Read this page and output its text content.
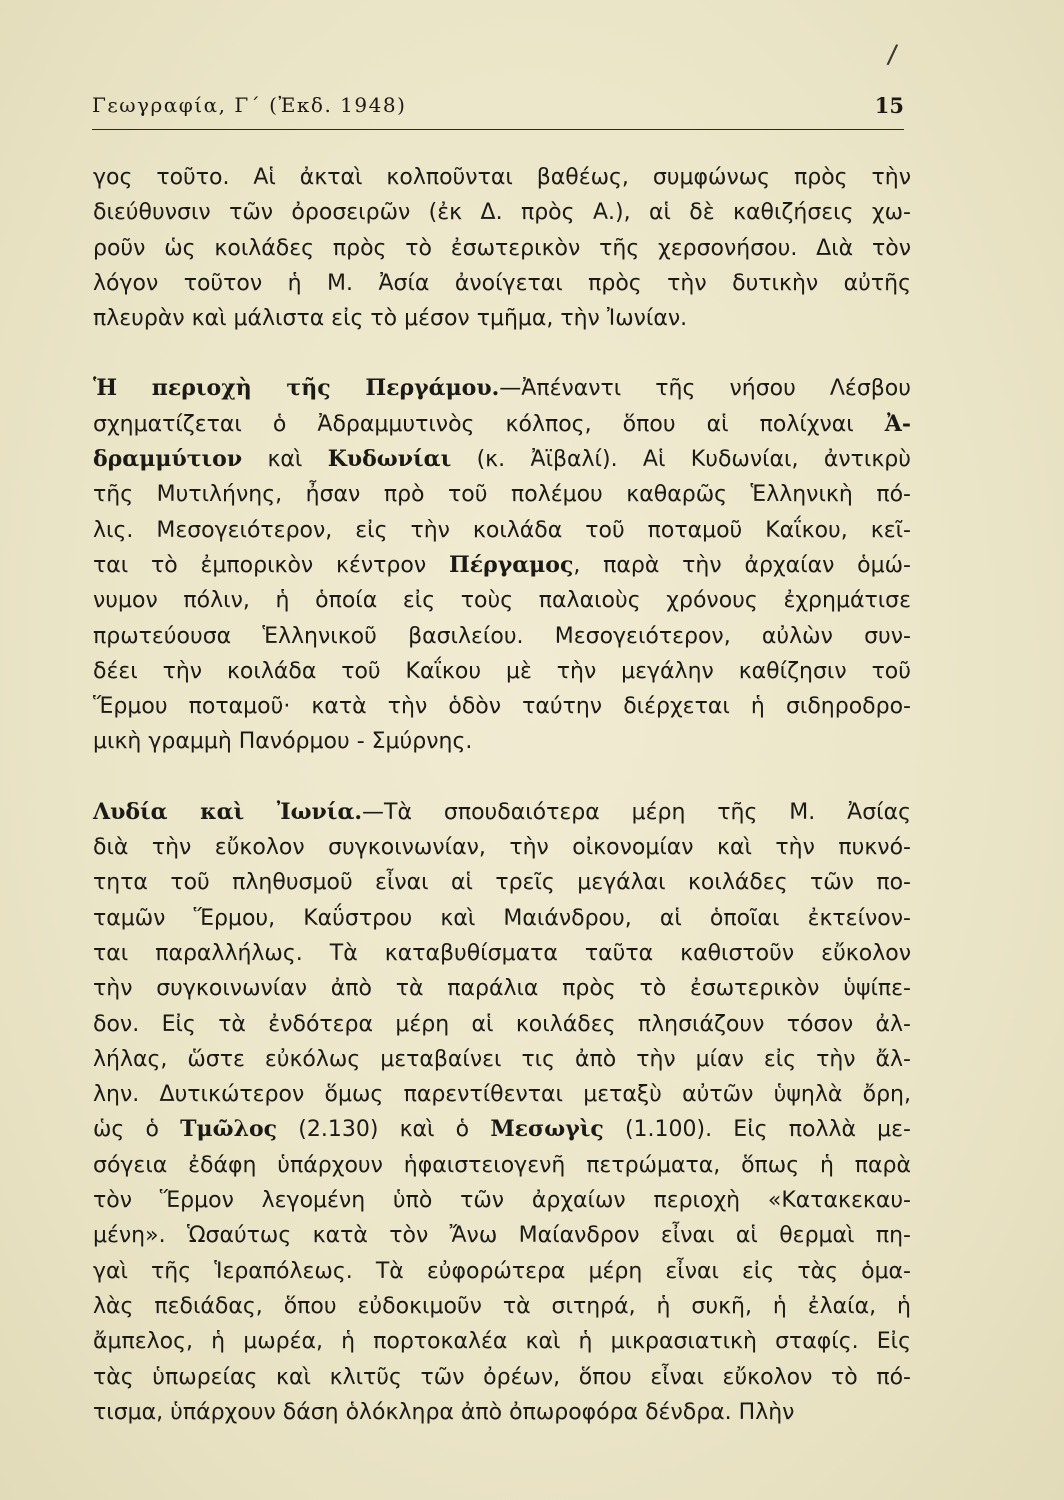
/
Γεωγραφία, Γ΄ (Ἐκδ. 1948)	15
γος τοῦτο. Αἱ ἀκταὶ κολποῦνται βαθέως, συμφώνως πρὸς τὴν
διεύθυνσιν τῶν ὀροσειρῶν (ἐκ Δ. πρὸς Α.), αἱ δὲ καθιζήσεις χω-
ροῦν ὡς κοιλάδες πρὸς τὸ ἐσωτερικὸν τῆς χερσονήσου. Διὰ τὸν
λόγον τοῦτον ἡ Μ. Ἀσία ἀνοίγεται πρὸς τὴν δυτικὴν αὐτῆς
πλευρὰν καὶ μάλιστα εἰς τὸ μέσον τμῆμα, τὴν Ἰωνίαν.
Ἡ περιοχὴ τῆς Περγάμου.—Ἀπέναντι τῆς νήσου Λέσβου
σχηματίζεται ὁ Ἀδραμμυτινὸς κόλπος, ὅπου αἱ πολίχναι Ἀ-
δραμμύτιον καὶ Κυδωνίαι (κ. Ἀϊβαλί). Αἱ Κυδωνίαι, ἀντικρὺ
τῆς Μυτιλήνης, ἦσαν πρὸ τοῦ πολέμου καθαρῶς Ἑλληνικὴ πό-
λις. Μεσογειότερον, εἰς τὴν κοιλάδα τοῦ ποταμοῦ Καΐκου, κεῖ-
ται τὸ ἐμπορικὸν κέντρον Πέργαμος, παρὰ τὴν ἀρχαίαν ὁμώ-
νυμον πόλιν, ἡ ὁποία εἰς τοὺς παλαιοὺς χρόνους ἐχρημάτισε
πρωτεύουσα Ἑλληνικοῦ βασιλείου. Μεσογειότερον, αὐλὼν συν-
δέει τὴν κοιλάδα τοῦ Καΐκου μὲ τὴν μεγάλην καθίζησιν τοῦ
Ἕρμου ποταμοῦ· κατὰ τὴν ὁδὸν ταύτην διέρχεται ἡ σιδηροδρο-
μικὴ γραμμὴ Πανόρμου - Σμύρνης.
Λυδία καὶ Ἰωνία.—Τὰ σπουδαιότερα μέρη τῆς Μ. Ἀσίας
διὰ τὴν εὔκολον συγκοινωνίαν, τὴν οἰκονομίαν καὶ τὴν πυκνό-
τητα τοῦ πληθυσμοῦ εἶναι αἱ τρεῖς μεγάλαι κοιλάδες τῶν πο-
ταμῶν Ἕρμου, Καΰστρου καὶ Μαιάνδρου, αἱ ὁποῖαι ἐκτείνον-
ται παραλλήλως. Τὰ καταβυθίσματα ταῦτα καθιστοῦν εὔκολον
τὴν συγκοινωνίαν ἀπὸ τὰ παράλια πρὸς τὸ ἐσωτερικὸν ὑψίπε-
δον. Εἰς τὰ ἐνδότερα μέρη αἱ κοιλάδες πλησιάζουν τόσον ἀλ-
λήλας, ὥστε εὐκόλως μεταβαίνει τις ἀπὸ τὴν μίαν εἰς τὴν ἄλ-
λην. Δυτικώτερον ὅμως παρεντίθενται μεταξὺ αὐτῶν ὑψηλὰ ὄρη,
ὡς ὁ Τμῶλος (2.130) καὶ ὁ Μεσωγὶς (1.100). Εἰς πολλὰ με-
σόγεια ἐδάφη ὑπάρχουν ἡφαιστειογενῆ πετρώματα, ὅπως ἡ παρὰ
τὸν Ἕρμον λεγομένη ὑπὸ τῶν ἀρχαίων περιοχὴ «Κατακεκαυ-
μένη». Ὡσαύτως κατὰ τὸν Ἄνω Μαίανδρον εἶναι αἱ θερμαὶ πη-
γαὶ τῆς Ἱεραπόλεως. Τὰ εὐφορώτερα μέρη εἶναι εἰς τὰς ὁμα-
λὰς πεδιάδας, ὅπου εὐδοκιμοῦν τὰ σιτηρά, ἡ συκῆ, ἡ ἐλαία, ἡ
ἄμπελος, ἡ μωρέα, ἡ πορτοκαλέα καὶ ἡ μικρασιατικὴ σταφίς. Εἰς
τὰς ὑπωρείας καὶ κλιτῦς τῶν ὀρέων, ὅπου εἶναι εὔκολον τὸ πό-
τισμα, ὑπάρχουν δάση ὁλόκληρα ἀπὸ ὀπωροφόρα δένδρα. Πλὴν
